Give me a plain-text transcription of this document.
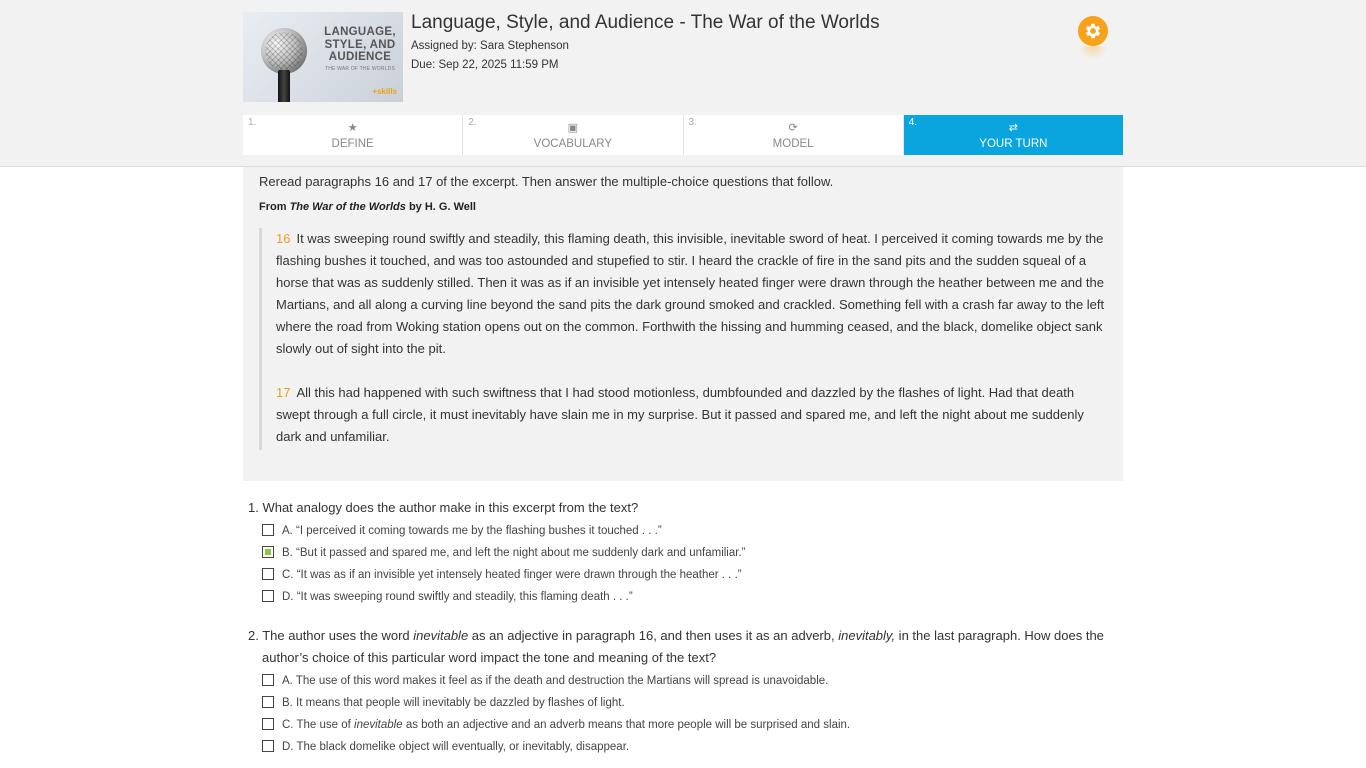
LANGUAGE,
STYLE, AND
AUDIENCE
THE WAR OF THE WORLDS
+skills
Language, Style, and Audience - The War of the Worlds
Assigned by: Sara Stephenson
Due: Sep 22, 2025 11:59 PM
1.	★
DEFINE
2.	▣
VOCABULARY
3.	⟳
MODEL
4.	⇄
YOUR TURN
Reread paragraphs 16 and 17 of the excerpt. Then answer the multiple-choice questions that follow.
From The War of the Worlds by H. G. Well

16 It was sweeping round swiftly and steadily, this flaming death, this invisible, inevitable sword of heat. I perceived it coming towards me by the flashing bushes it touched, and was too astounded and stupefied to stir. I heard the crackle of fire in the sand pits and the sudden squeal of a horse that was as suddenly stilled. Then it was as if an invisible yet intensely heated finger were drawn through the heather between me and the Martians, and all along a curving line beyond the sand pits the dark ground smoked and crackled. Something fell with a crash far away to the left where the road from Woking station opens out on the common. Forthwith the hissing and humming ceased, and the black, domelike object sank slowly out of sight into the pit.

17 All this had happened with such swiftness that I had stood motionless, dumbfounded and dazzled by the flashes of light. Had that death swept through a full circle, it must inevitably have slain me in my surprise. But it passed and spared me, and left the night about me suddenly dark and unfamiliar.

1. What analogy does the author make in this excerpt from the text?
A. “I perceived it coming towards me by the flashing bushes it touched . . .”
B. “But it passed and spared me, and left the night about me suddenly dark and unfamiliar.”
C. “It was as if an invisible yet intensely heated finger were drawn through the heather . . .”
D. “It was sweeping round swiftly and steadily, this flaming death . . .”
2. The author uses the word inevitable as an adjective in paragraph 16, and then uses it as an adverb, inevitably, in the last paragraph. How does the author’s choice of this particular word impact the tone and meaning of the text?
A. The use of this word makes it feel as if the death and destruction the Martians will spread is unavoidable.
B. It means that people will inevitably be dazzled by flashes of light.
C. The use of inevitable as both an adjective and an adverb means that more people will be surprised and slain.
D. The black domelike object will eventually, or inevitably, disappear.
